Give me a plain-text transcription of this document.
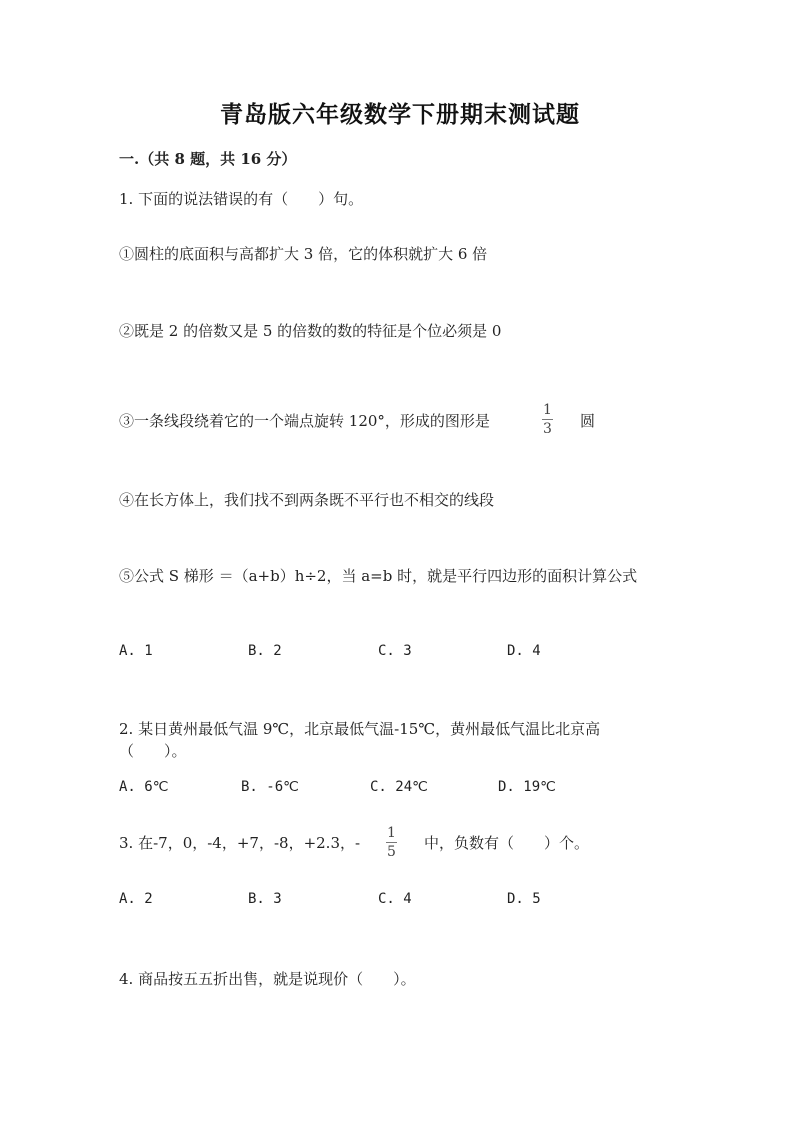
青岛版六年级数学下册期末测试题
一.（共 8 题，共 16 分）
1. 下面的说法错误的有（　　）句。
①圆柱的底面积与高都扩大 3 倍，它的体积就扩大 6 倍
②既是 2 的倍数又是 5 的倍数的数的特征是个位必须是 0
③一条线段绕着它的一个端点旋转 120°，形成的图形是
1
3 圆
④在长方体上，我们找不到两条既不平行也不相交的线段
⑤公式 S 梯形 ＝（a+b）h÷2，当 a=b 时，就是平行四边形的面积计算公式
A. 1	B. 2	C. 3	D. 4
2. 某日黄州最低气温 9℃，北京最低气温-15℃，黄州最低气温比北京高
（　　）。
A. 6℃	B. -6℃	C. 24℃	D. 19℃
3. 在-7，0，-4，+7，-8，+2.3，-
1
5 中，负数有（　　）个。
A. 2	B. 3	C. 4	D. 5
4. 商品按五五折出售，就是说现价（　　）。
